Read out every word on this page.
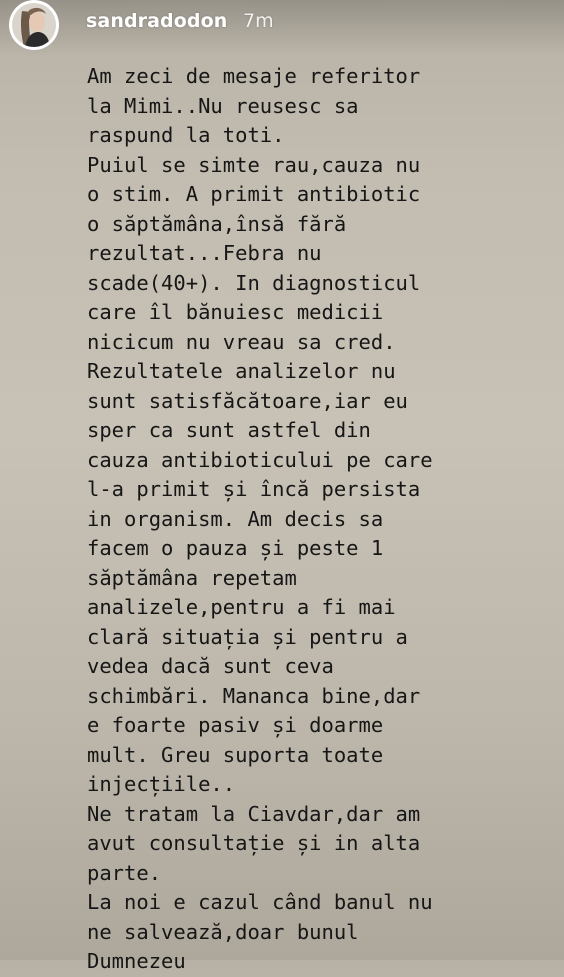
sandradodon 7m
Am zeci de mesaje referitor
la Mimi..Nu reusesc sa
raspund la toti.
Puiul se simte rau,cauza nu
o stim. A primit antibiotic
o săptămâna,însă fără
rezultat...Febra nu
scade(40+). In diagnosticul
care îl bănuiesc medicii
nicicum nu vreau sa cred.
Rezultatele analizelor nu
sunt satisfăcătoare,iar eu
sper ca sunt astfel din
cauza antibioticului pe care
l-a primit și încă persista
in organism. Am decis sa
facem o pauza și peste 1
săptămâna repetam
analizele,pentru a fi mai
clară situația și pentru a
vedea dacă sunt ceva
schimbări. Mananca bine,dar
e foarte pasiv și doarme
mult. Greu suporta toate
injecțiile..
Ne tratam la Ciavdar,dar am
avut consultație și in alta
parte.
La noi e cazul când banul nu
ne salvează,doar bunul
Dumnezeu
